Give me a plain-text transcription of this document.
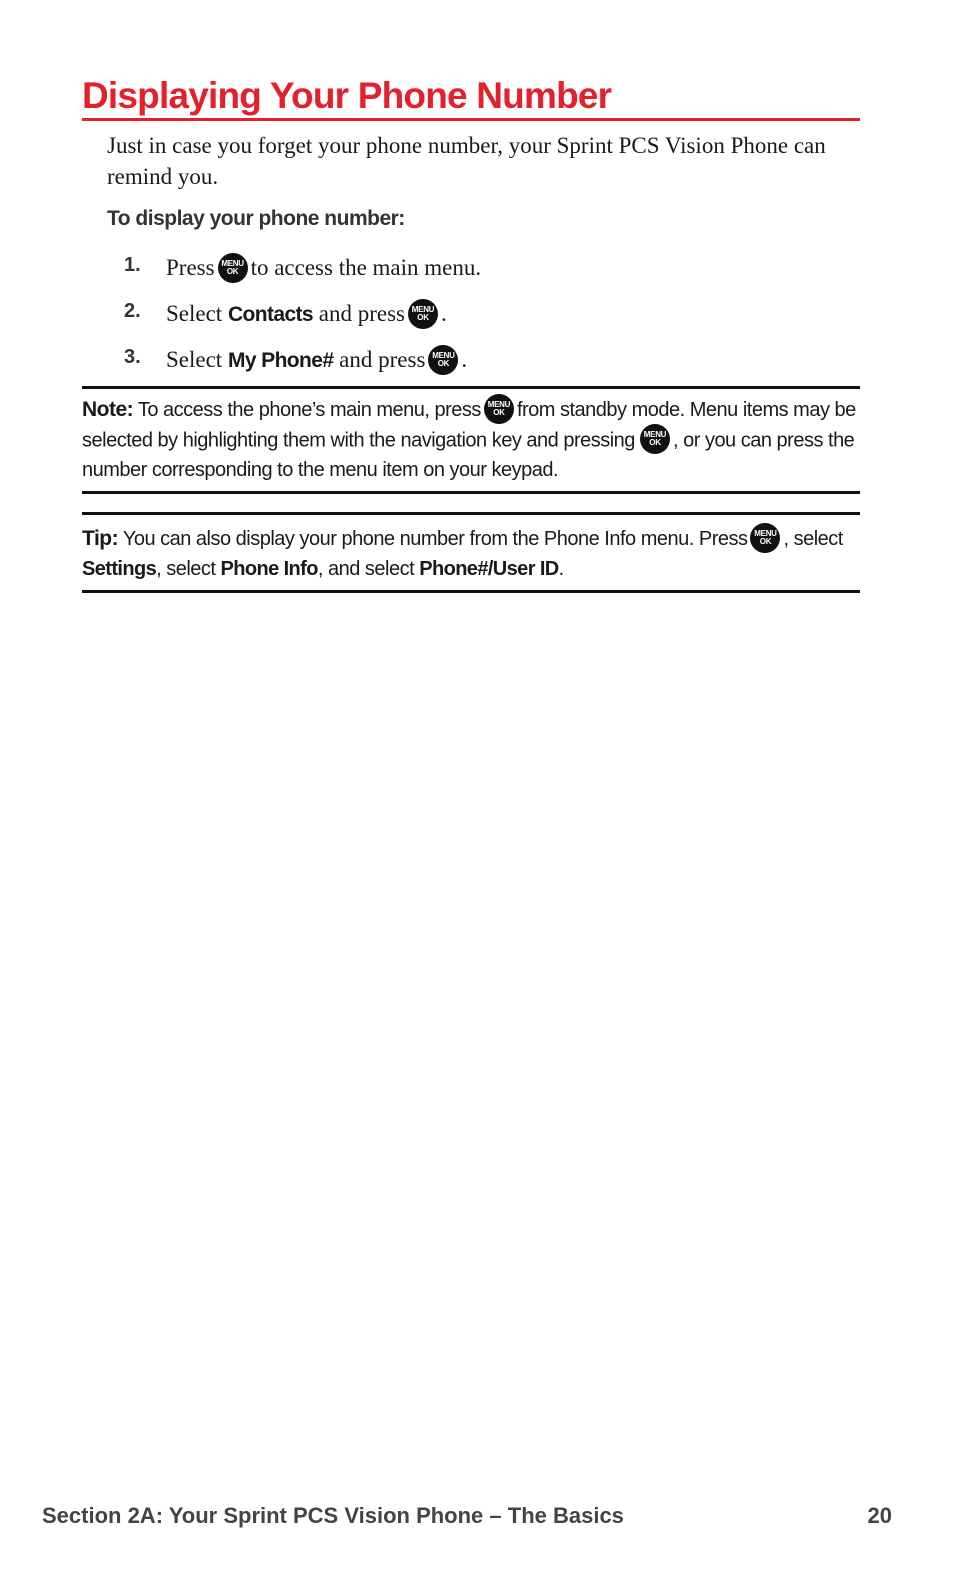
Displaying Your Phone Number

Just in case you forget your phone number, your Sprint PCS Vision Phone can remind you.

To display your phone number:

1. Press MENU
OK to access the main menu.
2. Select Contacts and press MENU
OK .
3. Select My Phone# and press MENU
OK .

Note: To access the phone’s main menu, press MENU
OK from standby mode. Menu items may be selected by highlighting them with the navigation key and pressing MENU
OK , or you can press the number corresponding to the menu item on your keypad.

Tip: You can also display your phone number from the Phone Info menu. Press MENU
OK , select Settings, select Phone Info, and select Phone#/User ID.

Section 2A: Your Sprint PCS Vision Phone – The Basics	20
